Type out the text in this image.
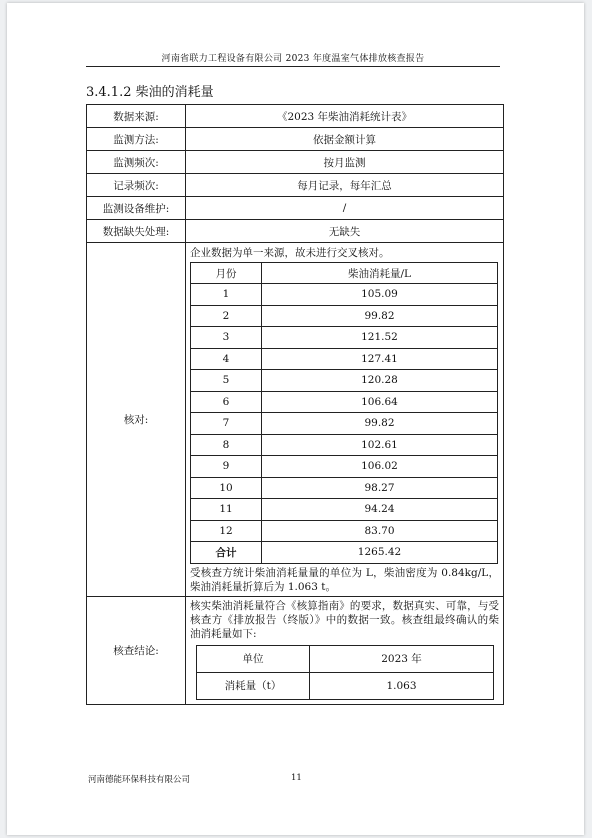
河南省联力工程设备有限公司 2023 年度温室气体排放核查报告
3.4.1.2 柴油的消耗量
数据来源:	《2023 年柴油消耗统计表》
监测方法:	依据金额计算
监测频次:	按月监测
记录频次:	每月记录，每年汇总
监测设备维护:	/
数据缺失处理:	无缺失
核对:	
企业数据为单一来源，故未进行交叉核对。
月份	柴油消耗量/L
1	105.09
2	99.82
3	121.52
4	127.41
5	120.28
6	106.64
7	99.82
8	102.61
9	106.02
10	98.27
11	94.24
12	83.70
合计	1265.42
受核查方统计柴油消耗量量的单位为 L，柴油密度为 0.84kg/L，柴油消耗量折算后为 1.063 t。

核查结论:	
核实柴油消耗量符合《核算指南》的要求，数据真实、可靠，与受核查方《排放报告（终版）》中的数据一致。核查组最终确认的柴油消耗量如下:
单位	2023 年
消耗量（t）	1.063
河南德能环保科技有限公司	11
